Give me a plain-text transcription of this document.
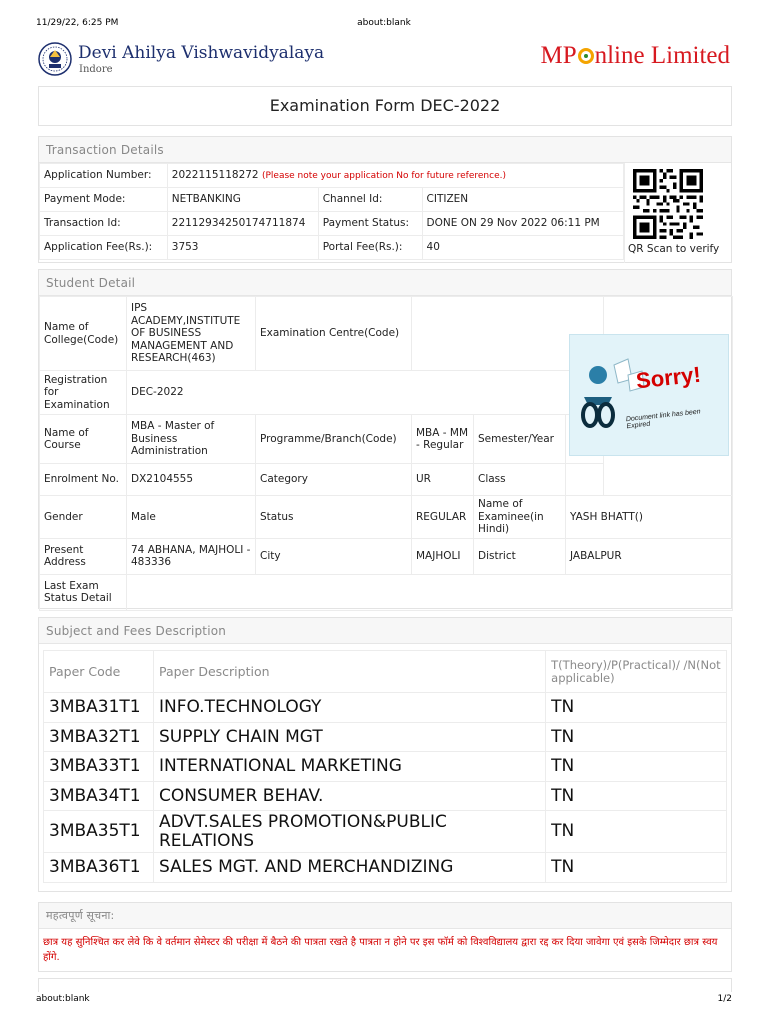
11/29/22, 6:25 PM	about:blank
Devi Ahilya Vishwavidyalaya
Indore
MP nline Limited
Examination Form DEC-2022
Transaction Details
Application Number:	2022115118272 (Please note your application No for future reference.)		
Payment Mode:	NETBANKING	Channel Id:	CITIZEN
Transaction Id:	22112934250174711874	Payment Status:	DONE ON 29 Nov 2022 06:11 PM
Application Fee(Rs.):	3753	Portal Fee(Rs.):	40	QR Scan to verify
Student Detail
Name of College(Code)	IPS ACADEMY,INSTITUTE OF BUSINESS MANAGEMENT AND RESEARCH(463)	Examination Centre(Code)				
Registration for Examination	DEC-2022					
Name of Course	MBA - Master of Business Administration	Programme/Branch(Code)	MBA - MM - Regular	Semester/Year	
Enrolment No.	DX2104555	Category	UR	Class		
Gender	Male	Status	REGULAR	Name of Examinee(in Hindi)	YASH BHATT()	
Present Address	74 ABHANA, MAJHOLI - 483336	City	MAJHOLI	District	JABALPUR	
Last Exam Status Detail						
Sorry!
Document link has been Expired
Subject and Fees Description
Paper Code	Paper Description	T(Theory)/P(Practical)/ /N(Not applicable)
3MBA31T1	INFO.TECHNOLOGY	TN
3MBA32T1	SUPPLY CHAIN MGT	TN
3MBA33T1	INTERNATIONAL MARKETING	TN
3MBA34T1	CONSUMER BEHAV.	TN
3MBA35T1	ADVT.SALES PROMOTION&PUBLIC RELATIONS	TN
3MBA36T1	SALES MGT. AND MERCHANDIZING	TN
महत्वपूर्ण सूचना:
छात्र यह सुनिश्चित कर लेवे कि वे वर्तमान सेमेस्टर की परीक्षा में बैठने की पात्रता रखते है पात्रता न होने पर इस फॉर्म को विश्वविद्यालय द्वारा रद्द कर दिया जावेगा एवं इसके जिम्मेदार छात्र स्वय होंगे.
about:blank	1/2
